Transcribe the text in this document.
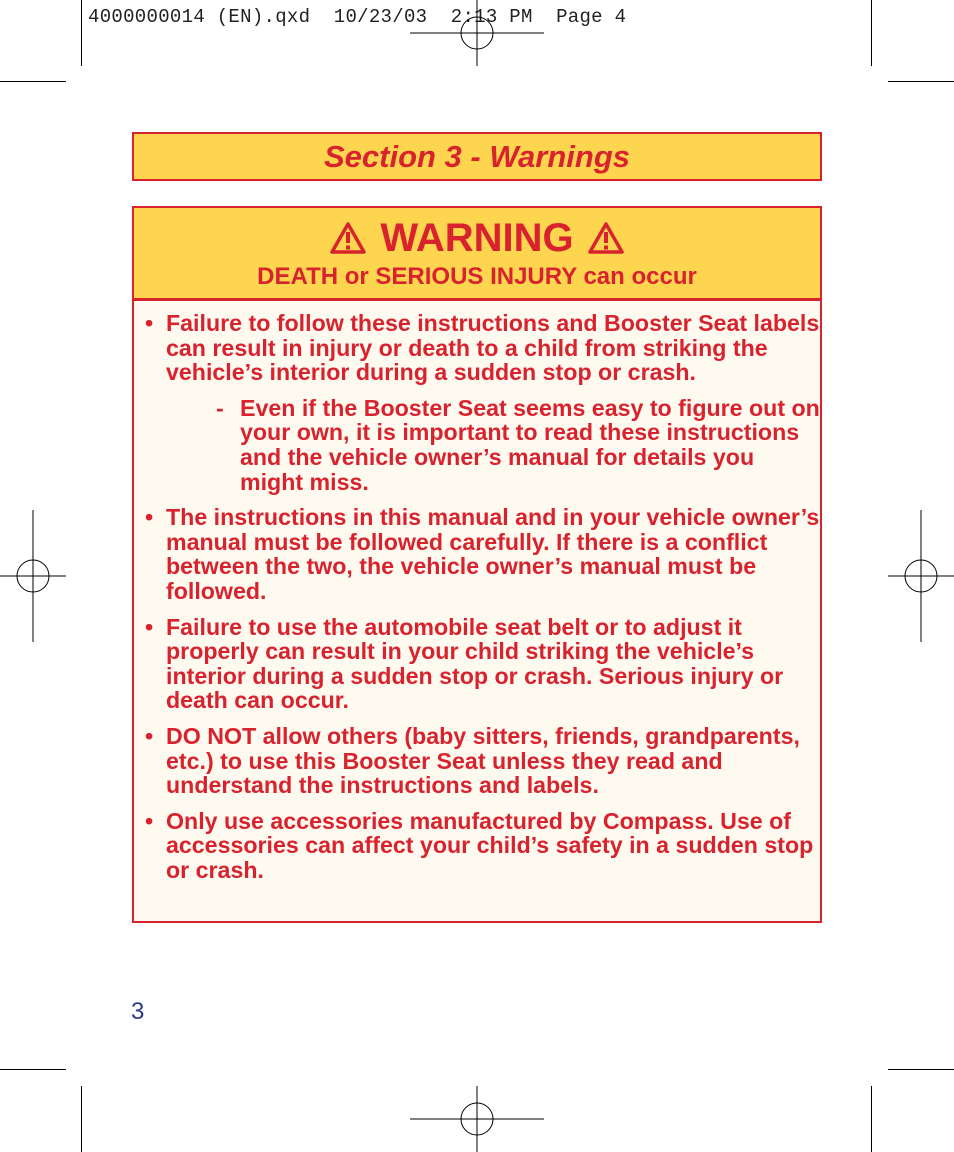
4000000014 (EN).qxd  10/23/03  2:13 PM  Page 4
Section 3 - Warnings
WARNING
DEATH or SERIOUS INJURY can occur
• Failure to follow these instructions and Booster Seat labels can result in injury or death to a child from striking the vehicle’s interior during a sudden stop or crash.
- Even if the Booster Seat seems easy to figure out on your own, it is important to read these instructions and the vehicle owner’s manual for details you might miss.
• The instructions in this manual and in your vehicle owner’s manual must be followed carefully. If there is a conflict between the two, the vehicle owner’s manual must be followed.
• Failure to use the automobile seat belt or to adjust it properly can result in your child striking the vehicle’s interior during a sudden stop or crash. Serious injury or death can occur.
• DO NOT allow others (baby sitters, friends, grandparents, etc.) to use this Booster Seat unless they read and understand the instructions and labels.
• Only use accessories manufactured by Compass. Use of accessories can affect your child’s safety in a sudden stop or crash.
3
